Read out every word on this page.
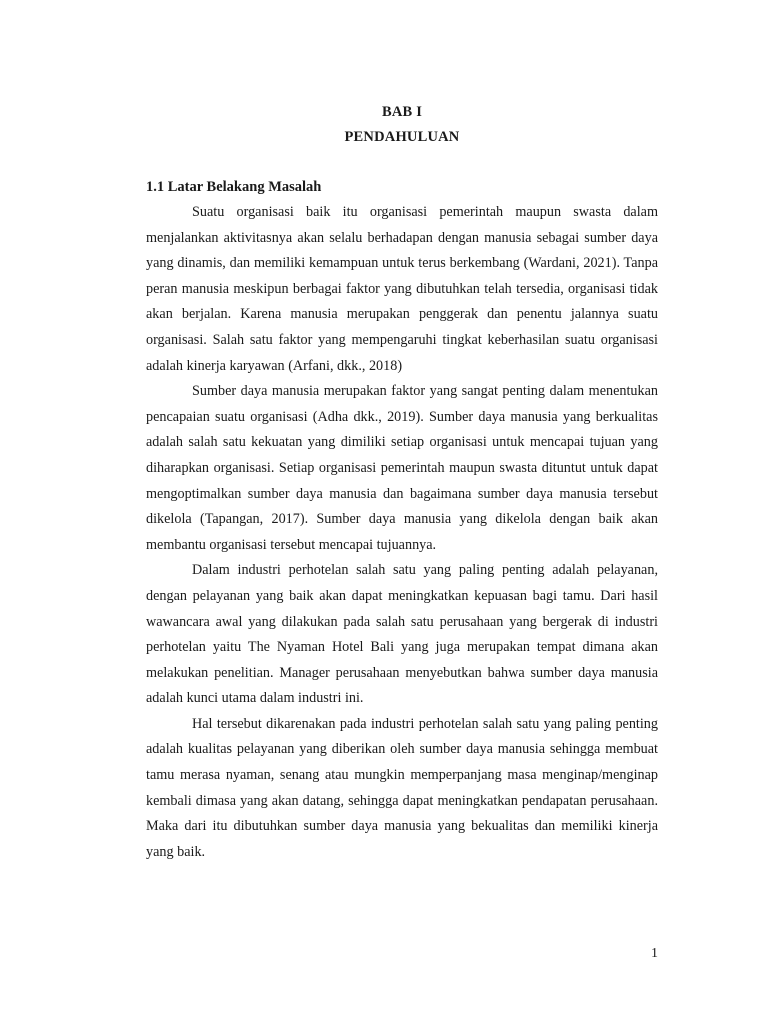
BAB I
PENDAHULUAN
1.1 Latar Belakang Masalah

Suatu organisasi baik itu organisasi pemerintah maupun swasta dalam menjalankan aktivitasnya akan selalu berhadapan dengan manusia sebagai sumber daya yang dinamis, dan memiliki kemampuan untuk terus berkembang (Wardani, 2021). Tanpa peran manusia meskipun berbagai faktor yang dibutuhkan telah tersedia, organisasi tidak akan berjalan. Karena manusia merupakan penggerak dan penentu jalannya suatu organisasi. Salah satu faktor yang mempengaruhi tingkat keberhasilan suatu organisasi adalah kinerja karyawan (Arfani, dkk., 2018)

Sumber daya manusia merupakan faktor yang sangat penting dalam menentukan pencapaian suatu organisasi (Adha dkk., 2019). Sumber daya manusia yang berkualitas adalah salah satu kekuatan yang dimiliki setiap organisasi untuk mencapai tujuan yang diharapkan organisasi. Setiap organisasi pemerintah maupun swasta dituntut untuk dapat mengoptimalkan sumber daya manusia dan bagaimana sumber daya manusia tersebut dikelola (Tapangan, 2017). Sumber daya manusia yang dikelola dengan baik akan membantu organisasi tersebut mencapai tujuannya.

Dalam industri perhotelan salah satu yang paling penting adalah pelayanan, dengan pelayanan yang baik akan dapat meningkatkan kepuasan bagi tamu. Dari hasil wawancara awal yang dilakukan pada salah satu perusahaan yang bergerak di industri perhotelan yaitu The Nyaman Hotel Bali yang juga merupakan tempat dimana akan melakukan penelitian. Manager perusahaan menyebutkan bahwa sumber daya manusia adalah kunci utama dalam industri ini.

Hal tersebut dikarenakan pada industri perhotelan salah satu yang paling penting adalah kualitas pelayanan yang diberikan oleh sumber daya manusia sehingga membuat tamu merasa nyaman, senang atau mungkin memperpanjang masa menginap/menginap kembali dimasa yang akan datang, sehingga dapat meningkatkan pendapatan perusahaan. Maka dari itu dibutuhkan sumber daya manusia yang bekualitas dan memiliki kinerja yang baik.

1
